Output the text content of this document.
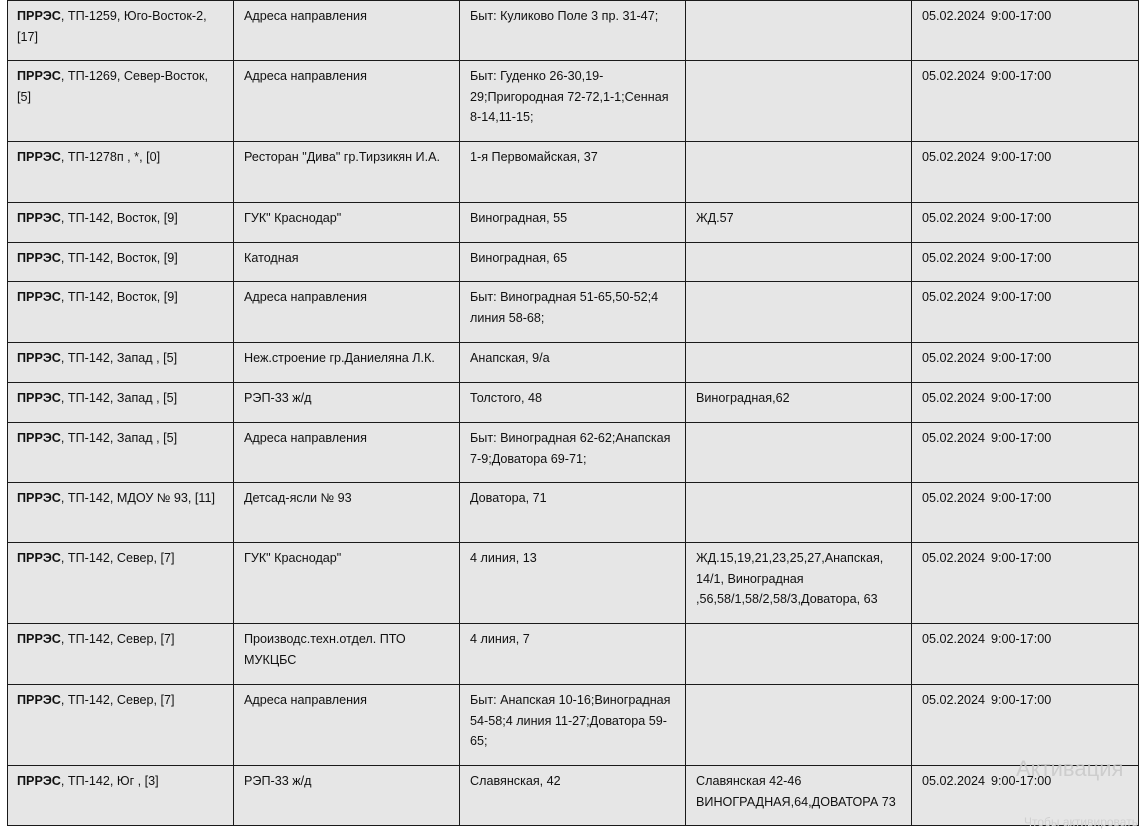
ПРРЭС, ТП-1259, Юго-Восток-2, [17]	Адреса направления	Быт: Куликово Поле 3 пр. 31-47;		05.02.2024 9:00-17:00
ПРРЭС, ТП-1269, Север-Восток, [5]	Адреса направления	Быт: Гуденко 26-30,19-29;Пригородная 72-72,1-1;Сенная 8-14,11-15;		05.02.2024 9:00-17:00
ПРРЭС, ТП-1278п , *, [0]	Ресторан "Дива" гр.Тирзикян И.А.	1-я Первомайская, 37		05.02.2024 9:00-17:00
ПРРЭС, ТП-142, Восток, [9]	ГУК" Краснодар"	Виноградная, 55	ЖД.57	05.02.2024 9:00-17:00
ПРРЭС, ТП-142, Восток, [9]	Катодная	Виноградная, 65		05.02.2024 9:00-17:00
ПРРЭС, ТП-142, Восток, [9]	Адреса направления	Быт: Виноградная 51-65,50-52;4 линия 58-68;		05.02.2024 9:00-17:00
ПРРЭС, ТП-142, Запад , [5]	Неж.строение гр.Даниеляна Л.К.	Анапская, 9/а		05.02.2024 9:00-17:00
ПРРЭС, ТП-142, Запад , [5]	РЭП-33 ж/д	Толстого, 48	Виноградная,62	05.02.2024 9:00-17:00
ПРРЭС, ТП-142, Запад , [5]	Адреса направления	Быт: Виноградная 62-62;Анапская 7-9;Доватора 69-71;		05.02.2024 9:00-17:00
ПРРЭС, ТП-142, МДОУ № 93, [11]	Детсад-ясли № 93	Доватора, 71		05.02.2024 9:00-17:00
ПРРЭС, ТП-142, Север, [7]	ГУК" Краснодар"	4 линия, 13	ЖД.15,19,21,23,25,27,Анапская, 14/1, Виноградная ,56,58/1,58/2,58/3,Доватора, 63	05.02.2024 9:00-17:00
ПРРЭС, ТП-142, Север, [7]	Производс.техн.отдел. ПТО МУКЦБС	4 линия, 7		05.02.2024 9:00-17:00
ПРРЭС, ТП-142, Север, [7]	Адреса направления	Быт: Анапская 10-16;Виноградная 54-58;4 линия 11-27;Доватора 59-65;		05.02.2024 9:00-17:00
ПРРЭС, ТП-142, Юг , [3]	РЭП-33 ж/д	Славянская, 42	Славянская 42-46 ВИНОГРАДНАЯ,64,ДОВАТОРА 73	05.02.2024 9:00-17:00
Активация
Чтобы активировать
